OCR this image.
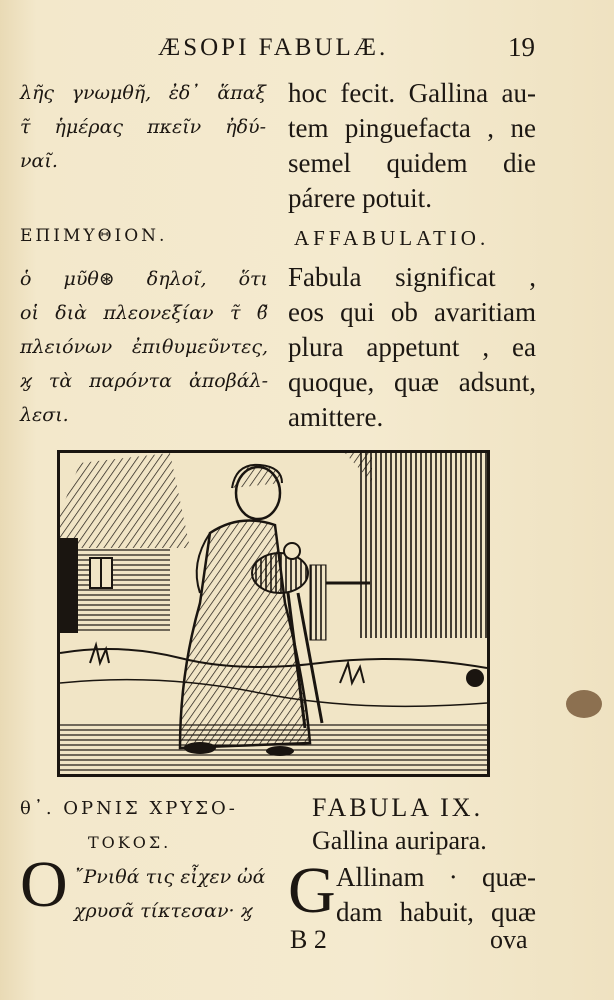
ÆSOPI FABULÆ.	19
λῆς γνωμθῆ, ἐδ᾽ ἅπαξ
τ̃ ἡμέρας πκεῖν ἠδύ-
ναῖ.
hoc fecit. Gallina au-
tem pinguefacta , ne
semel quidem die
párere potuit.
ΕΠΙΜΥΘΙΟΝ.	AFFABULATIO.
ὁ μῦθ⊛ δηλοῖ, ὅτι
οἱ διὰ πλεονεξίαν τ̃ ϐ̃
πλειόνων ἐπιθυμεῦντες,
ϗ τὰ παρόντα ἀποβάλ-
λεσι.
Fabula significat ,
eos qui ob avaritiam
plura appetunt , ea
quoque, quæ adsunt,
amittere.
θ᾽. ΟΡΝΙΣ ΧΡΥΣΟ-
ΤΟΚΟΣ.
FABULA IX.
Gallina auripara.
O ῎Ρνιθά τις εἶχεν ὠά
χρυσᾶ τίκτεσαν· ϗ G Allinam · quæ-
dam habuit, quæ
B 2	ova
